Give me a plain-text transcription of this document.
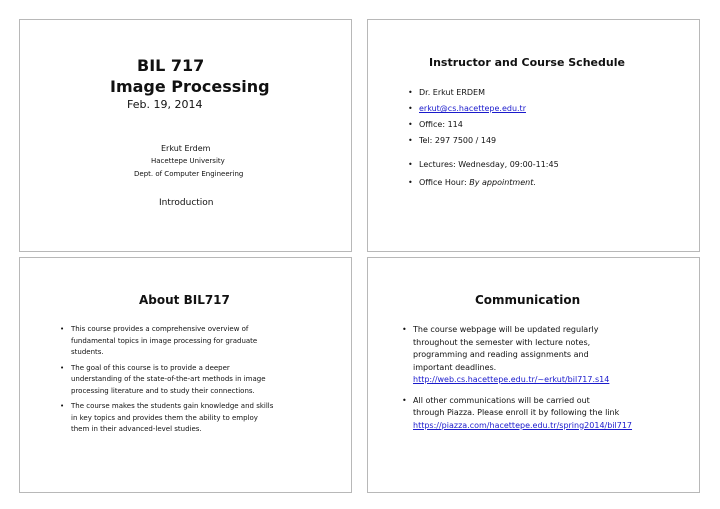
BIL 717
Image Processing
Feb. 19, 2014
Erkut Erdem
Hacettepe University
Dept. of Computer Engineering
Introduction
Instructor and Course Schedule
• Dr. Erkut ERDEM
• erkut@cs.hacettepe.edu.tr
• Office: 114
• Tel: 297 7500 / 149
• Lectures: Wednesday, 09:00-11:45
• Office Hour: By appointment.
About BIL717
• This course provides a comprehensive overview of
fundamental topics in image processing for graduate
students.
• The goal of this course is to provide a deeper
understanding of the state-of-the-art methods in image
processing literature and to study their connections.
• The course makes the students gain knowledge and skills
in key topics and provides them the ability to employ
them in their advanced-level studies.
Communication
• The course webpage will be updated regularly
throughout the semester with lecture notes,
programming and reading assignments and
important deadlines.
http://web.cs.hacettepe.edu.tr/~erkut/bil717.s14
• All other communications will be carried out
through Piazza. Please enroll it by following the link
https://piazza.com/hacettepe.edu.tr/spring2014/bil717
